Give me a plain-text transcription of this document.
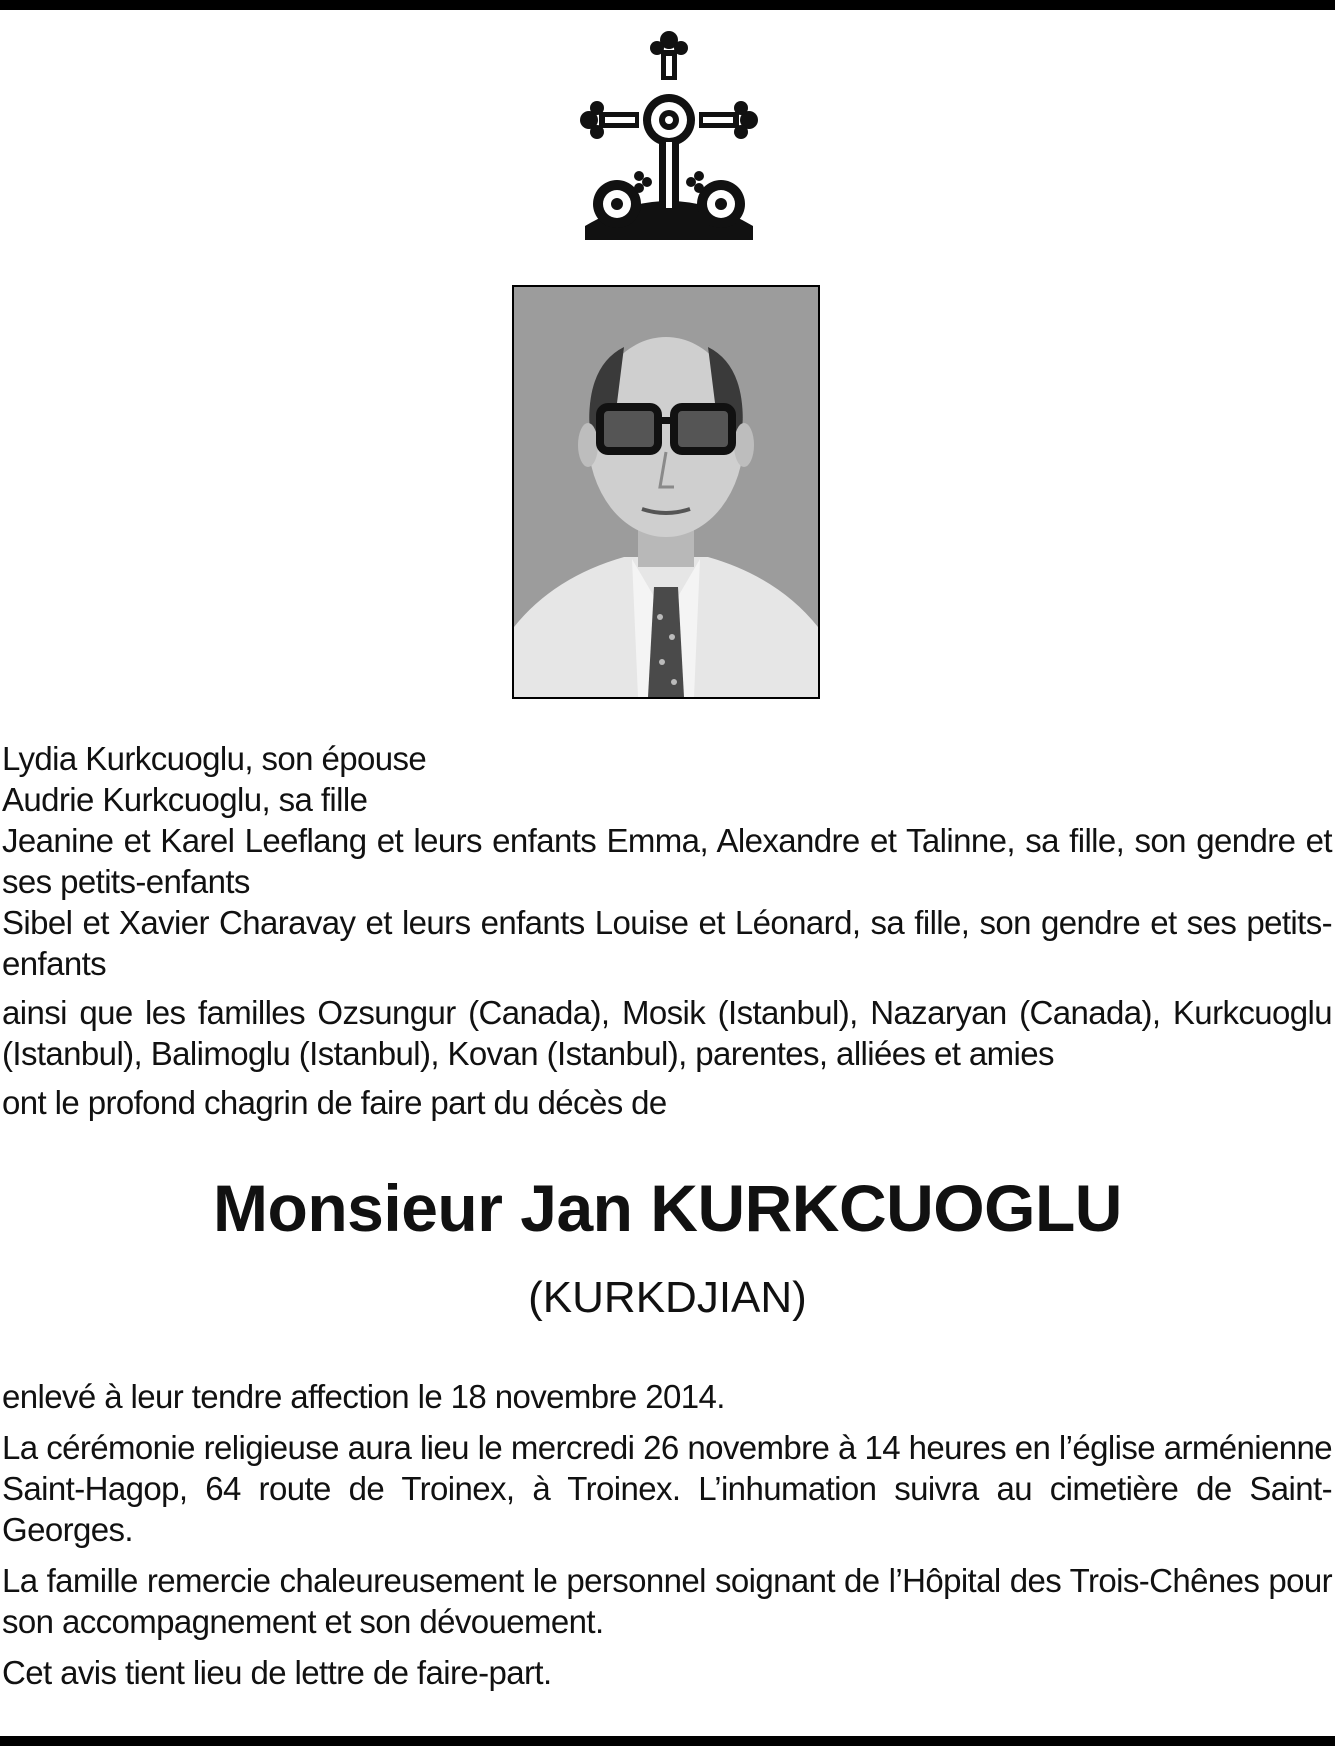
Lydia Kurkcuoglu, son épouse

Audrie Kurkcuoglu, sa fille

Jeanine et Karel Leeflang et leurs enfants Emma, Alexandre et Talinne, sa fille, son gendre et ses petits-enfants

Sibel et Xavier Charavay et leurs enfants Louise et Léonard, sa fille, son gendre et ses petits-enfants

ainsi que les familles Ozsungur (Canada), Mosik (Istanbul), Nazaryan (Canada), Kurkcuoglu (Istanbul), Balimoglu (Istanbul), Kovan (Istanbul), parentes, alliées et amies

ont le profond chagrin de faire part du décès de

Monsieur Jan KURKCUOGLU
(KURKDJIAN)

enlevé à leur tendre affection le 18 novembre 2014.

La cérémonie religieuse aura lieu le mercredi 26 novembre à 14 heures en l’église arménienne Saint-Hagop, 64 route de Troinex, à Troinex. L’inhumation suivra au cimetière de Saint-Georges.

La famille remercie chaleureusement le personnel soignant de l’Hôpital des Trois-Chênes pour son accompagnement et son dévouement.

Cet avis tient lieu de lettre de faire-part.
